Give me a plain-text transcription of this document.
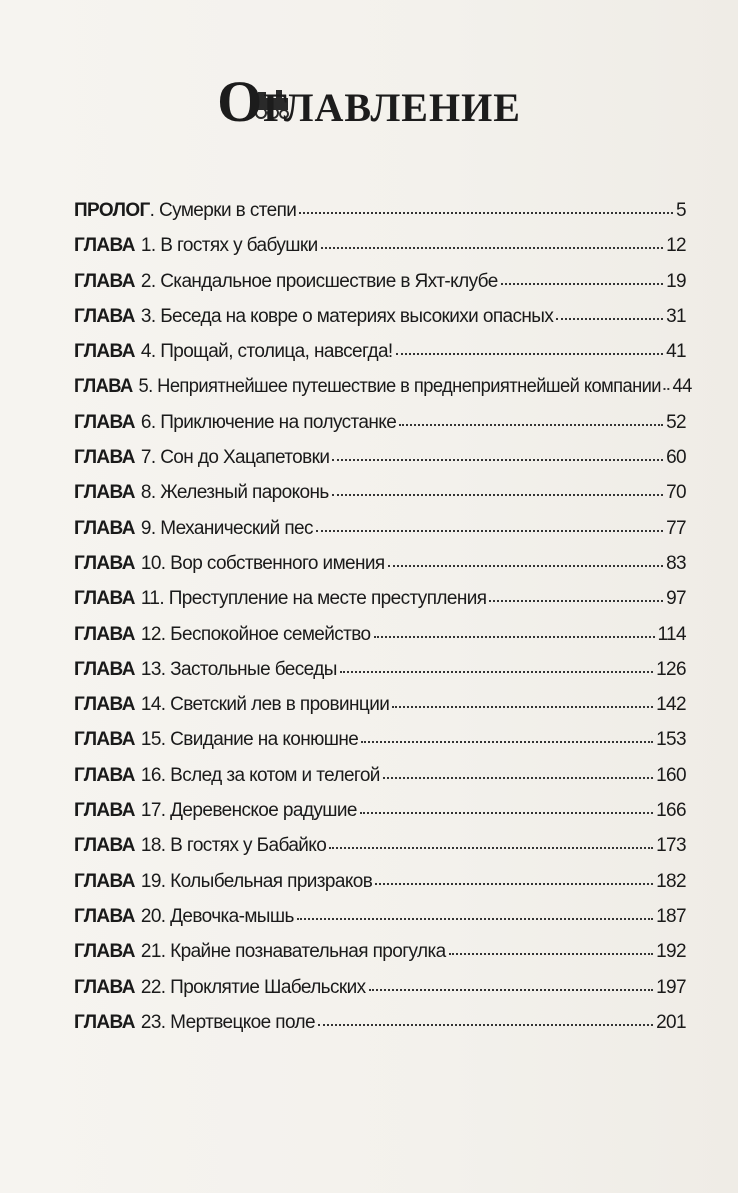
ОГЛАВЛЕНИЕ
ПРОЛОГ . Сумерки в степи	5
ГЛАВА 1 . В гостях у бабушки	12
ГЛАВА 2 . Скандальное происшествие в Яхт-клубе	19
ГЛАВА 3 . Беседа на ковре о материях высокихи опасных	31
ГЛАВА 4 . Прощай, столица, навсегда!	41
ГЛАВА 5 . Неприятнейшее путешествие в преднеприятнейшей компании 44
ГЛАВА 6 . Приключение на полустанке	52
ГЛАВА 7 . Сон до Хацапетовки	60
ГЛАВА 8 . Железный пароконь	70
ГЛАВА 9 . Механический пес	77
ГЛАВА 10 . Вор собственного имения	83
ГЛАВА 11 . Преступление на месте преступления	97
ГЛАВА 12 . Беспокойное семейство	114
ГЛАВА 13 . Застольные беседы	126
ГЛАВА 14 . Светский лев в провинции	142
ГЛАВА 15 . Свидание на конюшне	153
ГЛАВА 16 . Вслед за котом и телегой	160
ГЛАВА 17 . Деревенское радушие	166
ГЛАВА 18 . В гостях у Бабайко	173
ГЛАВА 19 . Колыбельная призраков	182
ГЛАВА 20 . Девочка-мышь	187
ГЛАВА 21 . Крайне познавательная прогулка	192
ГЛАВА 22 . Проклятие Шабельских	197
ГЛАВА 23 . Мертвецкое поле	201
